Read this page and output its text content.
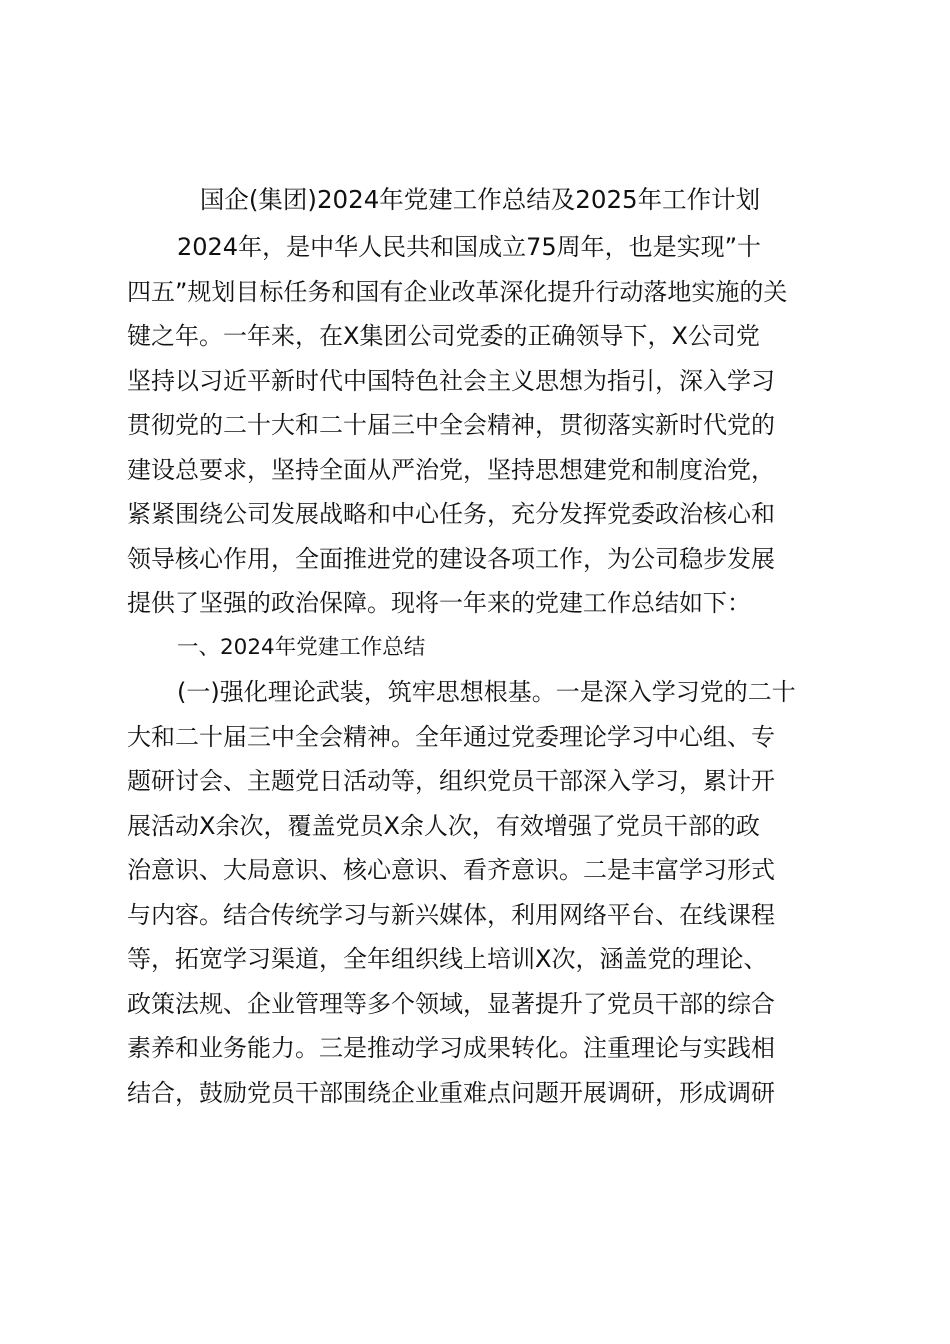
国企(集团)2024年党建工作总结及2025年工作计划

2024年，是中华人民共和国成立75周年，也是实现”十

四五”规划目标任务和国有企业改革深化提升行动落地实施的关

键之年。一年来，在X集团公司党委的正确领导下，X公司党

坚持以习近平新时代中国特色社会主义思想为指引，深入学习

贯彻党的二十大和二十届三中全会精神，贯彻落实新时代党的

建设总要求，坚持全面从严治党，坚持思想建党和制度治党，

紧紧围绕公司发展战略和中心任务，充分发挥党委政治核心和

领导核心作用，全面推进党的建设各项工作，为公司稳步发展

提供了坚强的政治保障。现将一年来的党建工作总结如下：

一、2024年党建工作总结

(一)强化理论武装，筑牢思想根基。一是深入学习党的二十

大和二十届三中全会精神。全年通过党委理论学习中心组、专

题研讨会、主题党日活动等，组织党员干部深入学习，累计开

展活动X余次，覆盖党员X余人次，有效增强了党员干部的政

治意识、大局意识、核心意识、看齐意识。二是丰富学习形式

与内容。结合传统学习与新兴媒体，利用网络平台、在线课程

等，拓宽学习渠道，全年组织线上培训X次，涵盖党的理论、

政策法规、企业管理等多个领域，显著提升了党员干部的综合

素养和业务能力。三是推动学习成果转化。注重理论与实践相

结合，鼓励党员干部围绕企业重难点问题开展调研，形成调研
